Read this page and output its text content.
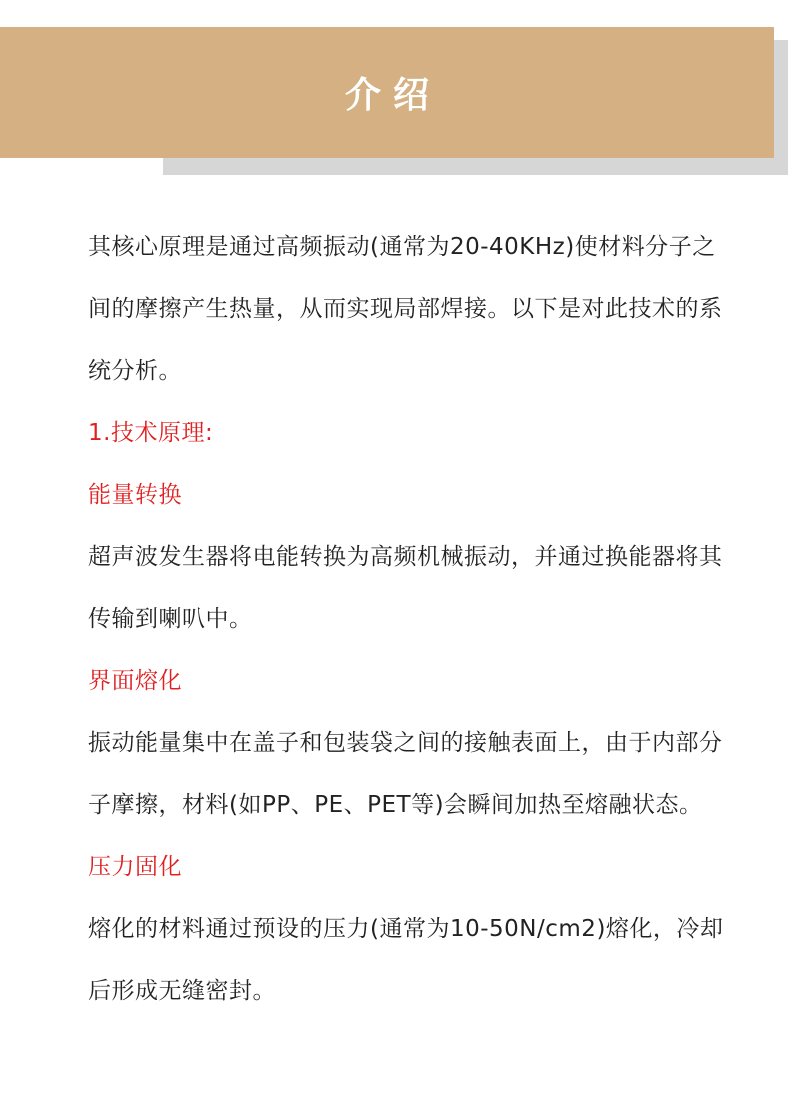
介绍

其核心原理是通过高频振动(通常为20-40KHz)使材料分子之间的摩擦产生热量，从而实现局部焊接。以下是对此技术的系统分析。

1.技术原理:

能量转换

超声波发生器将电能转换为高频机械振动，并通过换能器将其传输到喇叭中。

界面熔化

振动能量集中在盖子和包装袋之间的接触表面上，由于内部分子摩擦，材料(如PP、PE、PET等)会瞬间加热至熔融状态。

压力固化

熔化的材料通过预设的压力(通常为10-50N/cm2)熔化，冷却后形成无缝密封。
